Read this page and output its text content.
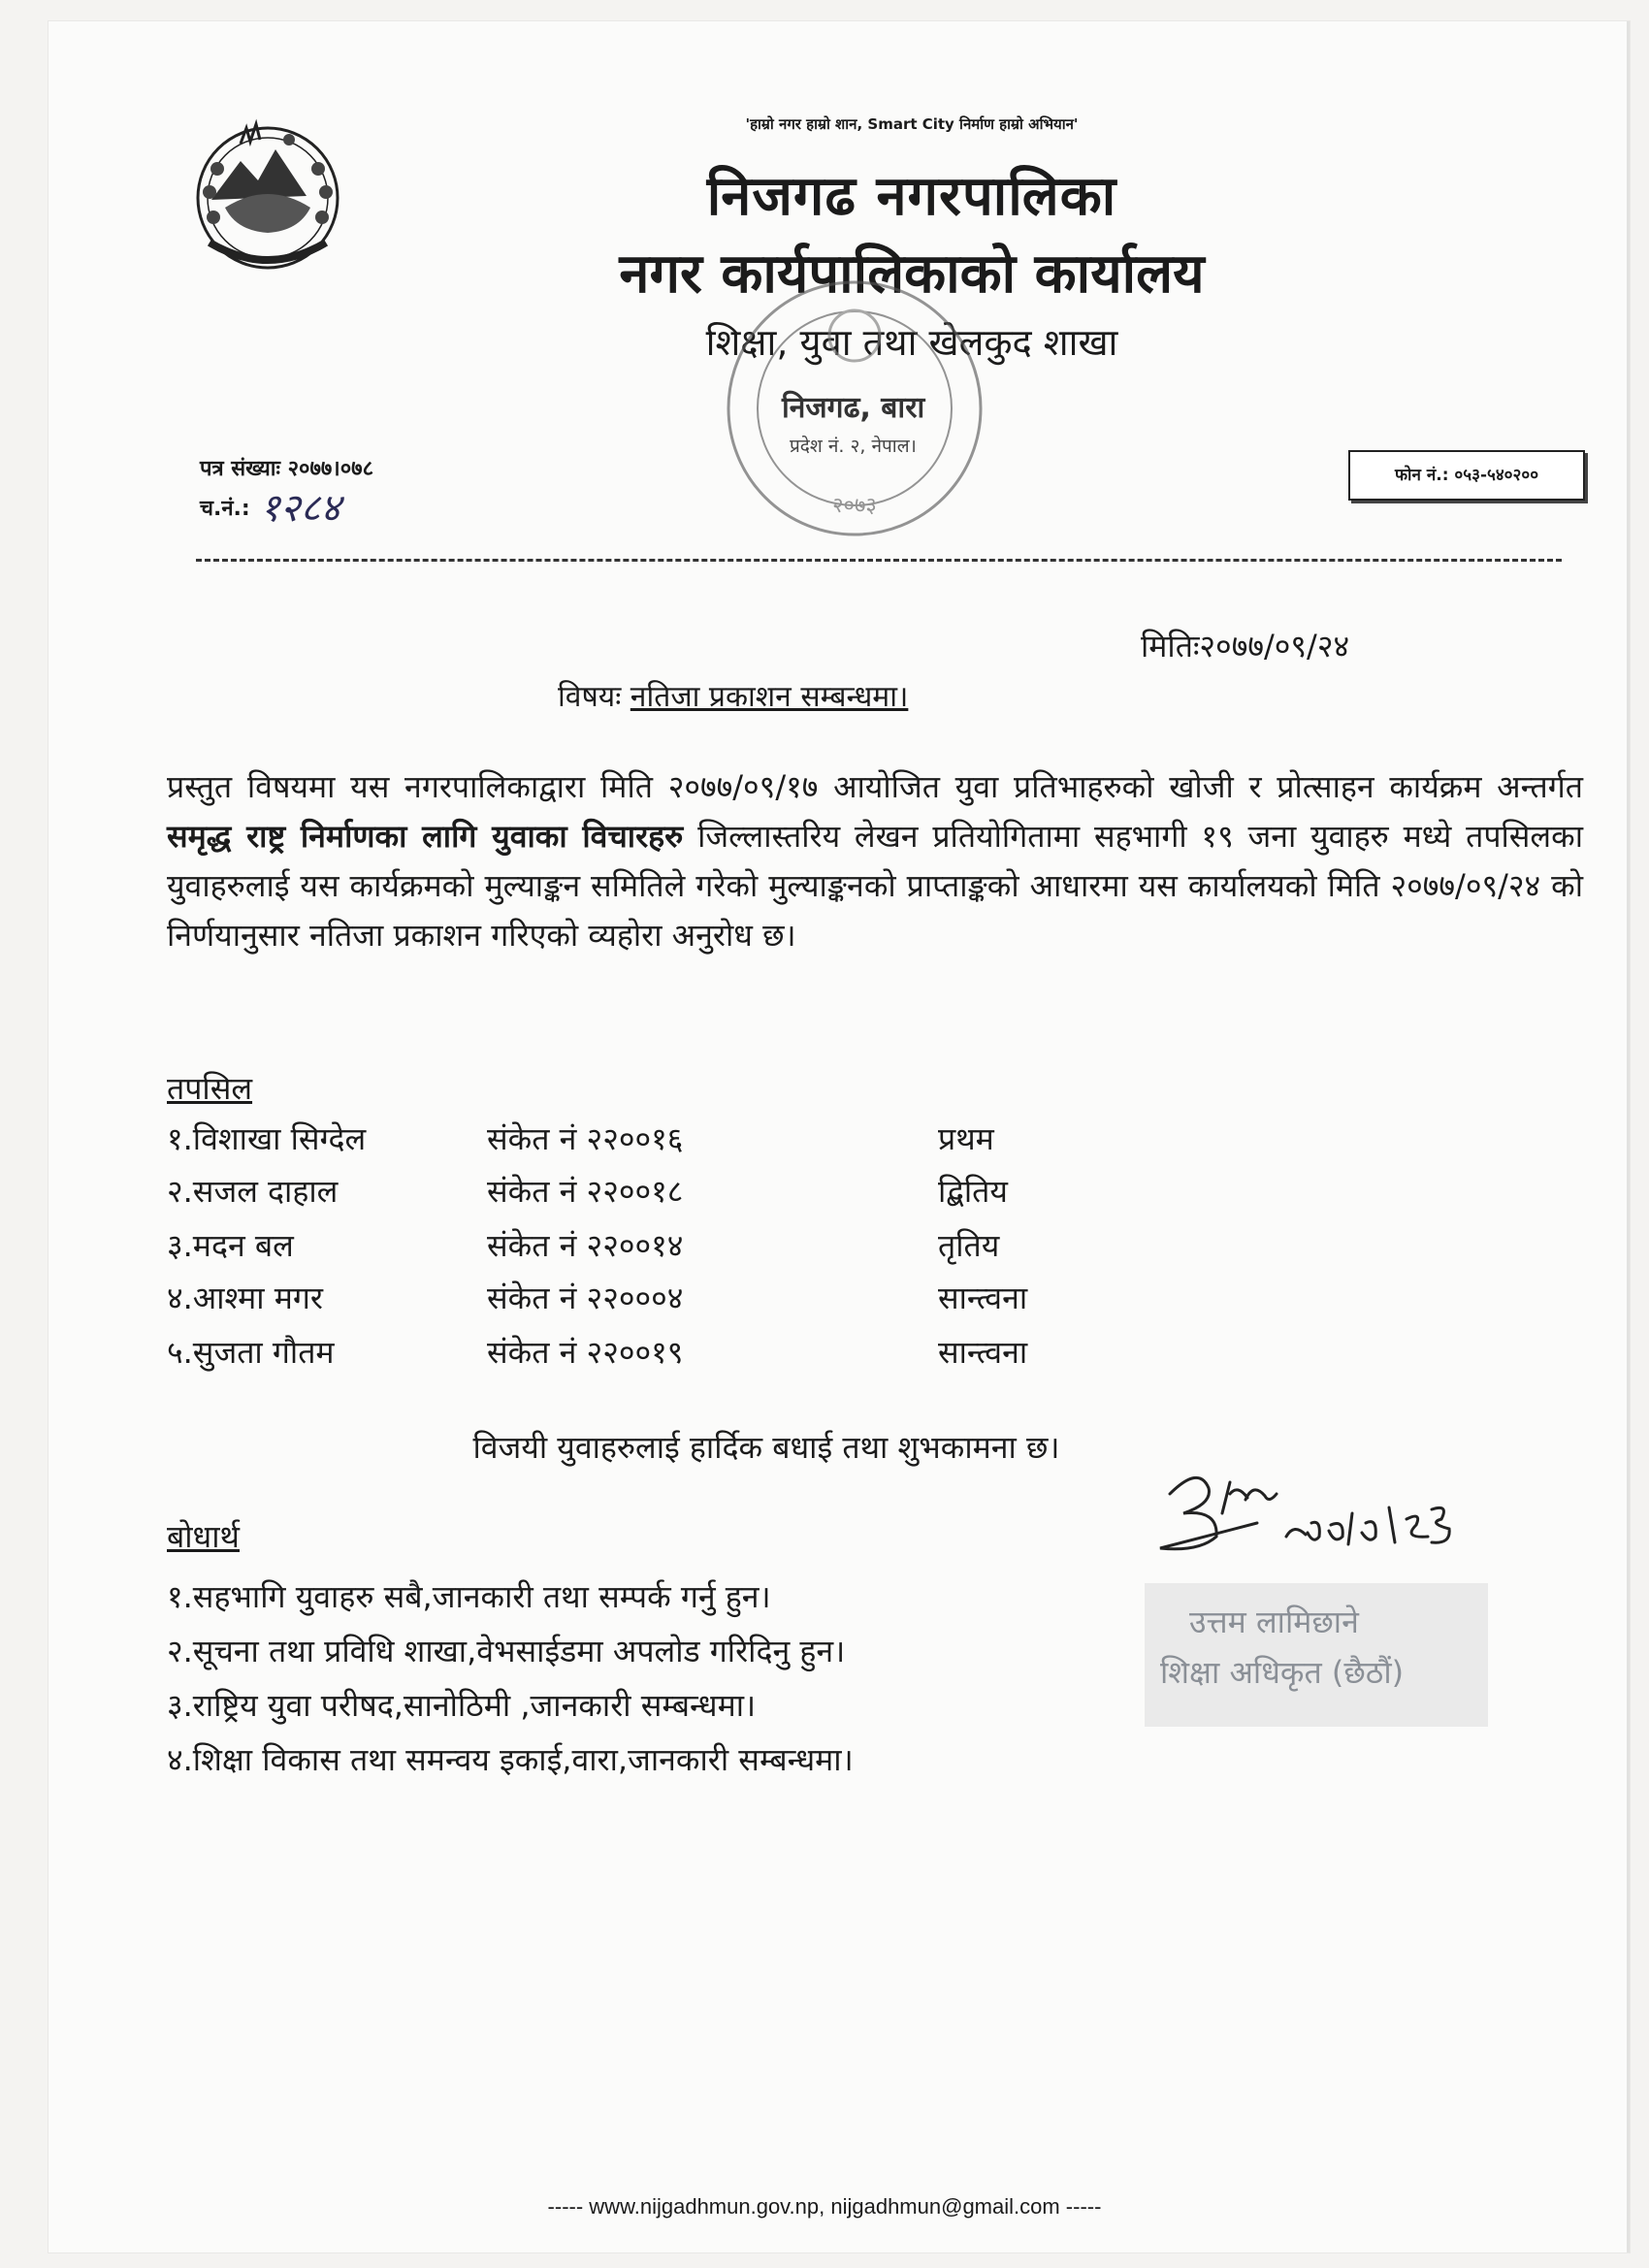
'हाम्रो नगर हाम्रो शान, Smart City निर्माण हाम्रो अभियान'
निजगढ नगरपालिका
नगर कार्यपालिकाको कार्यालय
शिक्षा, युवा तथा खेलकुद शाखा
२०७३
निजगढ, बारा
प्रदेश नं. २, नेपाल।
पत्र संख्याः २०७७।०७८
च.नं.: १२८४
फोन नं.: ०५३-५४०२००
मितिः२०७७/०९/२४
विषयः नतिजा प्रकाशन सम्बन्धमा।
प्रस्तुत विषयमा यस नगरपालिकाद्वारा मिति २०७७/०९/१७ आयोजित युवा प्रतिभाहरुको खोजी र प्रोत्साहन कार्यक्रम अन्तर्गत समृद्ध राष्ट्र निर्माणका लागि युवाका विचारहरु जिल्लास्तरिय लेखन प्रतियोगितामा सहभागी १९ जना युवाहरु मध्ये तपसिलका युवाहरुलाई यस कार्यक्रमको मुल्याङ्कन समितिले गरेको मुल्याङ्कनको प्राप्ताङ्कको आधारमा यस कार्यालयको मिति २०७७/०९/२४ को निर्णयानुसार नतिजा प्रकाशन गरिएको व्यहोरा अनुरोध छ।
तपसिल
१.विशाखा सिग्देल	संकेत नं २२००१६	प्रथम
२.सजल दाहाल	संकेत नं २२००१८	द्बितिय
३.मदन बल	संकेत नं २२००१४	तृतिय
४.आश्मा मगर	संकेत नं २२०००४	सान्त्वना
५.सुजता गौतम	संकेत नं २२००१९	सान्त्वना
विजयी युवाहरुलाई हार्दिक बधाई तथा शुभकामना छ।
बोधार्थ
१.सहभागि युवाहरु सबै,जानकारी तथा सम्पर्क गर्नु हुन।
२.सूचना तथा प्रविधि शाखा,वेभसाईडमा अपलोड गरिदिनु हुन।
३.राष्ट्रिय युवा परीषद,सानोठिमी ,जानकारी सम्बन्धमा।
४.शिक्षा विकास तथा समन्वय इकाई,वारा,जानकारी सम्बन्धमा।
उत्तम लामिछाने
शिक्षा अधिकृत (छैठौं)
----- www.nijgadhmun.gov.np, nijgadhmun@gmail.com -----
